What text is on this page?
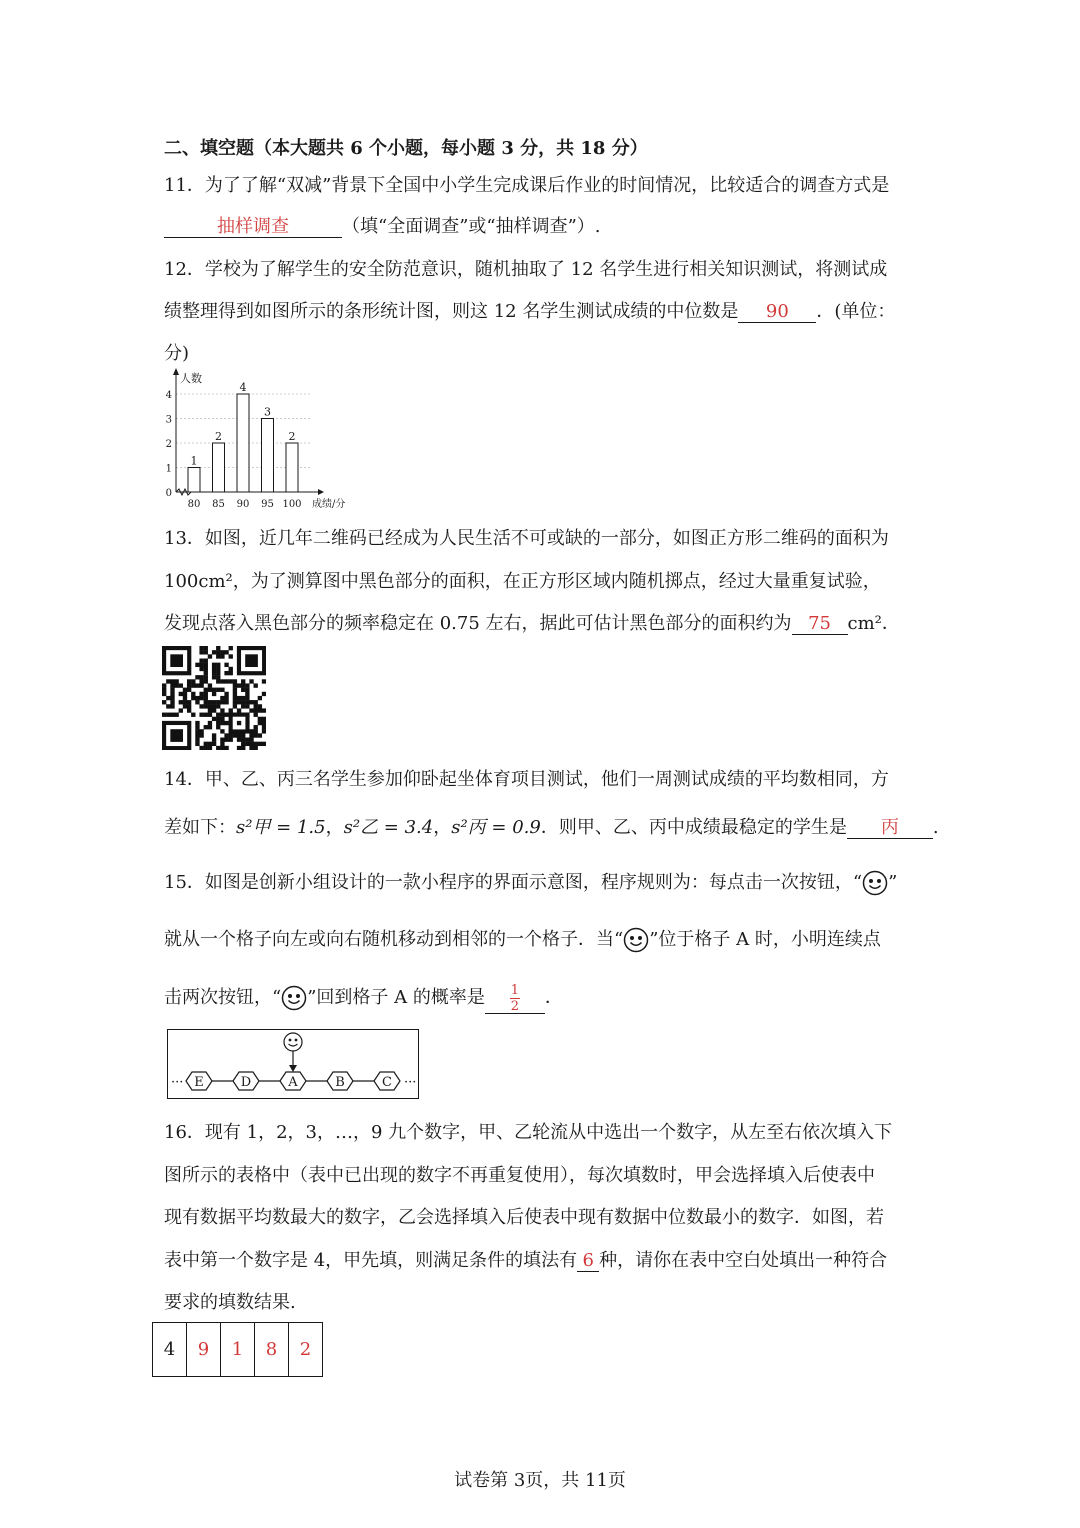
二、填空题（本大题共 6 个小题，每小题 3 分，共 18 分）
11．为了了解“双减”背景下全国中小学生完成课后作业的时间情况，比较适合的调查方式是
抽样调查	（填“全面调查”或“抽样调查”）.
12．学校为了解学生的安全防范意识，随机抽取了 12 名学生进行相关知识测试，将测试成
绩整理得到如图所示的条形统计图，则这 12 名学生测试成绩的中位数是 90 ．(单位：
分)
0
1
2
3
4
人数
1
80
2
85
4
90
3
95
2
100 成绩/分
13．如图，近几年二维码已经成为人民生活不可或缺的一部分，如图正方形二维码的面积为
100cm²，为了测算图中黑色部分的面积，在正方形区域内随机掷点，经过大量重复试验，
发现点落入黑色部分的频率稳定在 0.75 左右，据此可估计黑色部分的面积约为 75 cm²．
14．甲、乙、丙三名学生参加仰卧起坐体育项目测试，他们一周测试成绩的平均数相同，方
差如下：s²甲 = 1.5，s²乙 = 3.4，s²丙 = 0.9．则甲、乙、丙中成绩最稳定的学生是 丙 .
15．如图是创新小组设计的一款小程序的界面示意图，程序规则为：每点击一次按钮，“ ”
就从一个格子向左或向右随机移动到相邻的一个格子．当“ ”位于格子 A 时，小明连续点
击两次按钮，“ ”回到格子 A 的概率是 $\frac{1}{2}$ ．
··· E	D	A	B	C ···
16．现有 1，2，3，…，9 九个数字，甲、乙轮流从中选出一个数字，从左至右依次填入下
图所示的表格中（表中已出现的数字不再重复使用），每次填数时，甲会选择填入后使表中
现有数据平均数最大的数字，乙会选择填入后使表中现有数据中位数最小的数字．如图，若
表中第一个数字是 4，甲先填，则满足条件的填法有 6 种，请你在表中空白处填出一种符合
要求的填数结果.
4	9	1	8	2
试卷第 3页，共 11页
